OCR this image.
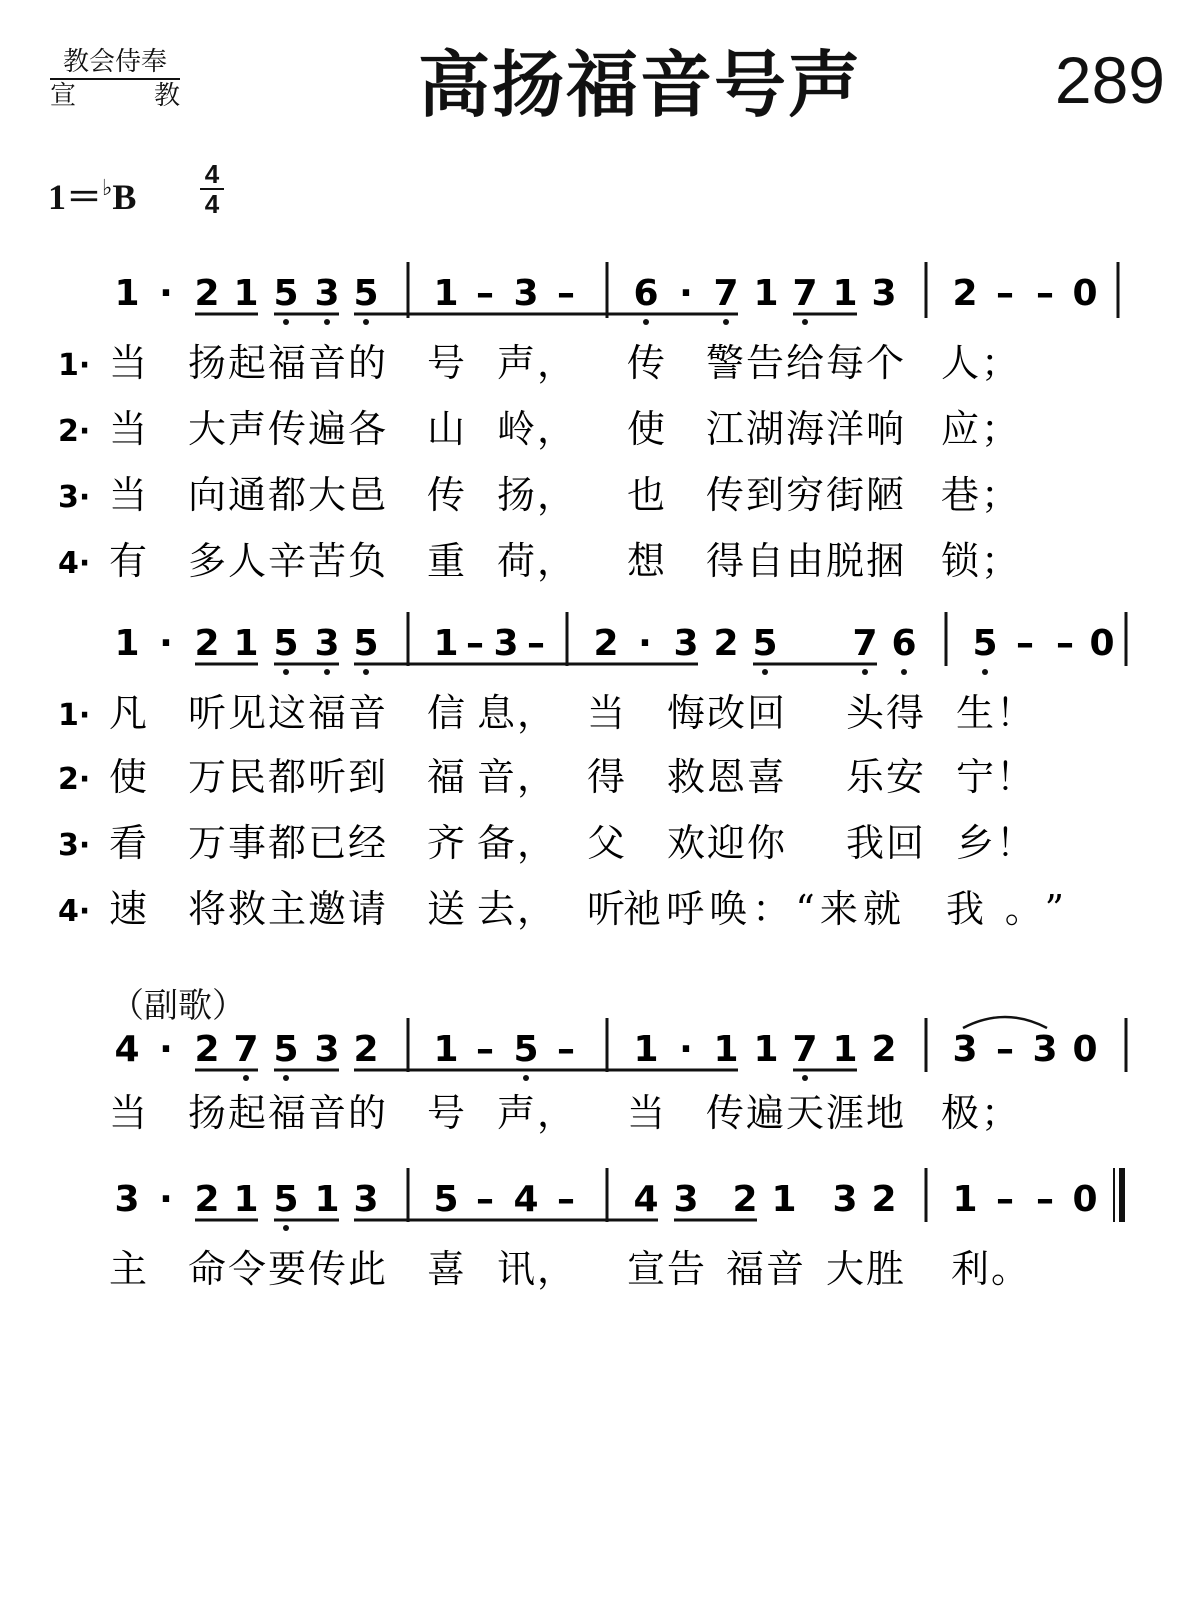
教会侍奉
宣　　教	高扬福音号声	289
1＝♭B
4
4
（副歌）
1 · 2 1 5 3 5 1 – 3 – 6 · 7 1 7 1 3 2 – – 0
1· 当 扬起福音的 号 声， 传 警告给每个 人；
2· 当 大声传遍各 山 岭， 使 江湖海洋响 应；
3· 当 向通都大邑 传 扬， 也 传到穷街陋 巷；
4· 有 多人辛苦负 重 荷， 想 得自由脱捆 锁；
1 · 2 1 5 3 5 1 – 3 – 2 · 3 2 5 7 6 5 – – 0
1· 凡 听见这福音 信 息， 当 悔改回 头得 生！
2· 使 万民都听到 福 音， 得 救恩喜 乐安 宁！
3· 看 万事都已经 齐 备， 父 欢迎你 我回 乡！
4· 速 将救主邀请 送 去， 听
祂呼唤：“来就 我。”
4 · 2 7 5 3 2 1 – 5 – 1 · 1 1 7 1 2 3 – 3 0
当 扬起福音的 号 声， 当 传遍天涯地 极；
3 · 2 1 5 1 3 5 – 4 – 4 3 2 1 3 2 1 – – 0
主 命令要传此 喜 讯， 宣告 福音 大胜 利。
